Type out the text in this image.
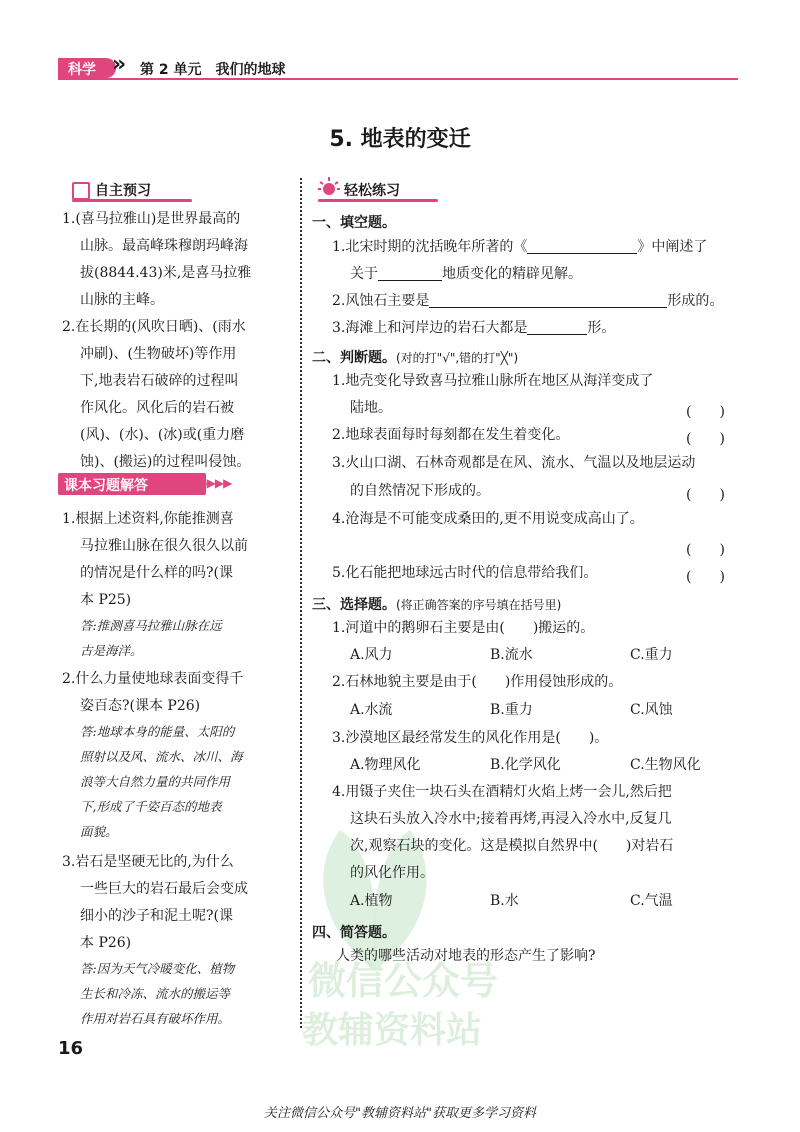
微信公众号
教辅资料站
科学 » 第 2 单元　我们的地球
5. 地表的变迁
自主预习
1.(喜马拉雅山)是世界最高的
山脉。最高峰珠穆朗玛峰海
拔(8844.43)米,是喜马拉雅
山脉的主峰。
2.在长期的(风吹日晒)、(雨水
冲刷)、(生物破坏)等作用
下,地表岩石破碎的过程叫
作风化。风化后的岩石被
(风)、(水)、(冰)或(重力磨
蚀)、(搬运)的过程叫侵蚀。
课本习题解答	▶▶▶▶▶▶
1.根据上述资料,你能推测喜
马拉雅山脉在很久很久以前
的情况是什么样的吗?(课
本 P25)
答:推测喜马拉雅山脉在远
古是海洋。
2.什么力量使地球表面变得千
姿百态?(课本 P26)
答:地球本身的能量、太阳的
照射以及风、流水、冰川、海
浪等大自然力量的共同作用
下,形成了千姿百态的地表
面貌。
3.岩石是坚硬无比的,为什么
一些巨大的岩石最后会变成
细小的沙子和泥土呢?(课
本 P26)
答:因为天气冷暖变化、植物
生长和冷冻、流水的搬运等
作用对岩石具有破坏作用。
轻松练习
一、填空题。
1.北宋时期的沈括晚年所著的《	》中阐述了
关于	地质变化的精辟见解。
2.风蚀石主要是	形成的。
3.海滩上和河岸边的岩石大都是	形。
二、判断题。(对的打"√",错的打"╳")
1.地壳变化导致喜马拉雅山脉所在地区从海洋变成了
陆地。	(　　)
2.地球表面每时每刻都在发生着变化。	(　　)
3.火山口湖、石林奇观都是在风、流水、气温以及地层运动
的自然情况下形成的。	(　　)
4.沧海是不可能变成桑田的,更不用说变成高山了。
(　　)
5.化石能把地球远古时代的信息带给我们。	(　　)
三、选择题。(将正确答案的序号填在括号里)
1.河道中的鹅卵石主要是由(　　)搬运的。
A.风力	B.流水	C.重力
2.石林地貌主要是由于(　　)作用侵蚀形成的。
A.水流	B.重力	C.风蚀
3.沙漠地区最经常发生的风化作用是(　　)。
A.物理风化	B.化学风化	C.生物风化
4.用镊子夹住一块石头在酒精灯火焰上烤一会儿,然后把
这块石头放入冷水中;接着再烤,再浸入冷水中,反复几
次,观察石块的变化。这是模拟自然界中(　　)对岩石
的风化作用。
A.植物	B.水	C.气温
四、简答题。
人类的哪些活动对地表的形态产生了影响?
16
关注微信公众号"教辅资料站"获取更多学习资料
